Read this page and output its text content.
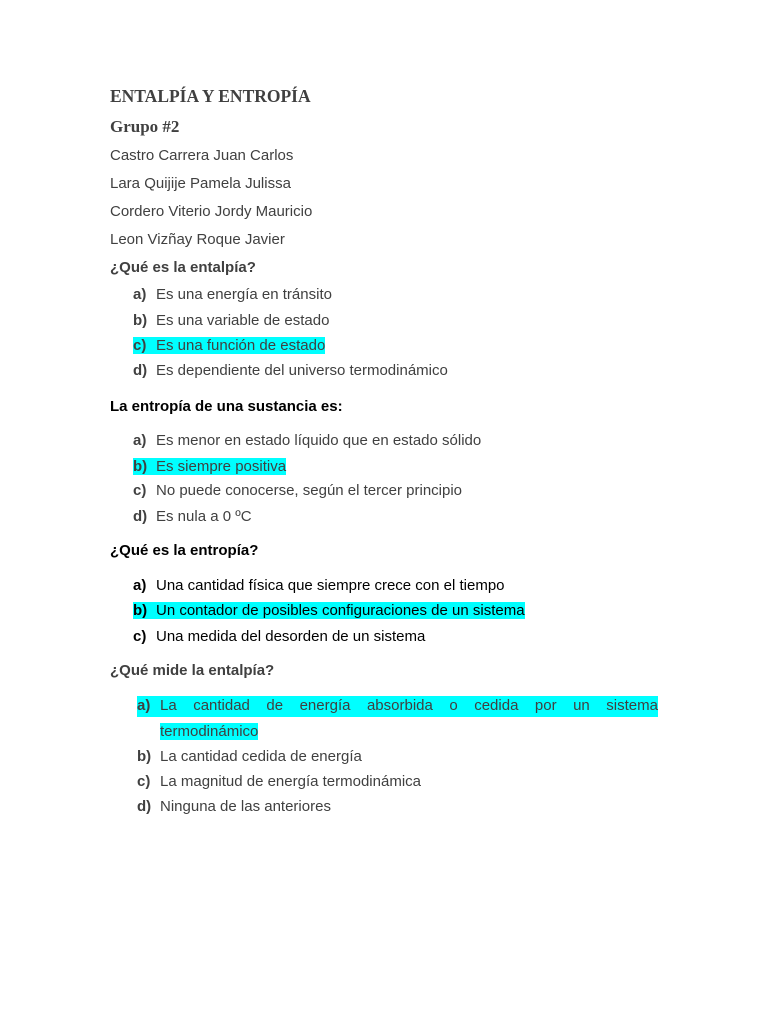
ENTALPÍA Y ENTROPÍA
Grupo #2
Castro Carrera Juan Carlos
Lara Quijije Pamela Julissa
Cordero Viterio Jordy Mauricio
Leon Vizñay Roque Javier
¿Qué es la entalpía?
a) Es una energía en tránsito
b) Es una variable de estado
c) Es una función de estado
d) Es dependiente del universo termodinámico
La entropía de una sustancia es:
a) Es menor en estado líquido que en estado sólido
b) Es siempre positiva
c) No puede conocerse, según el tercer principio
d) Es nula a 0 ºC
¿Qué es la entropía?
a) Una cantidad física que siempre crece con el tiempo
b) Un contador de posibles configuraciones de un sistema
c) Una medida del desorden de un sistema
¿Qué mide la entalpía?
a) La cantidad de energía absorbida o cedida por un sistema
termodinámico
b) La cantidad cedida de energía
c) La magnitud de energía termodinámica
d) Ninguna de las anteriores
